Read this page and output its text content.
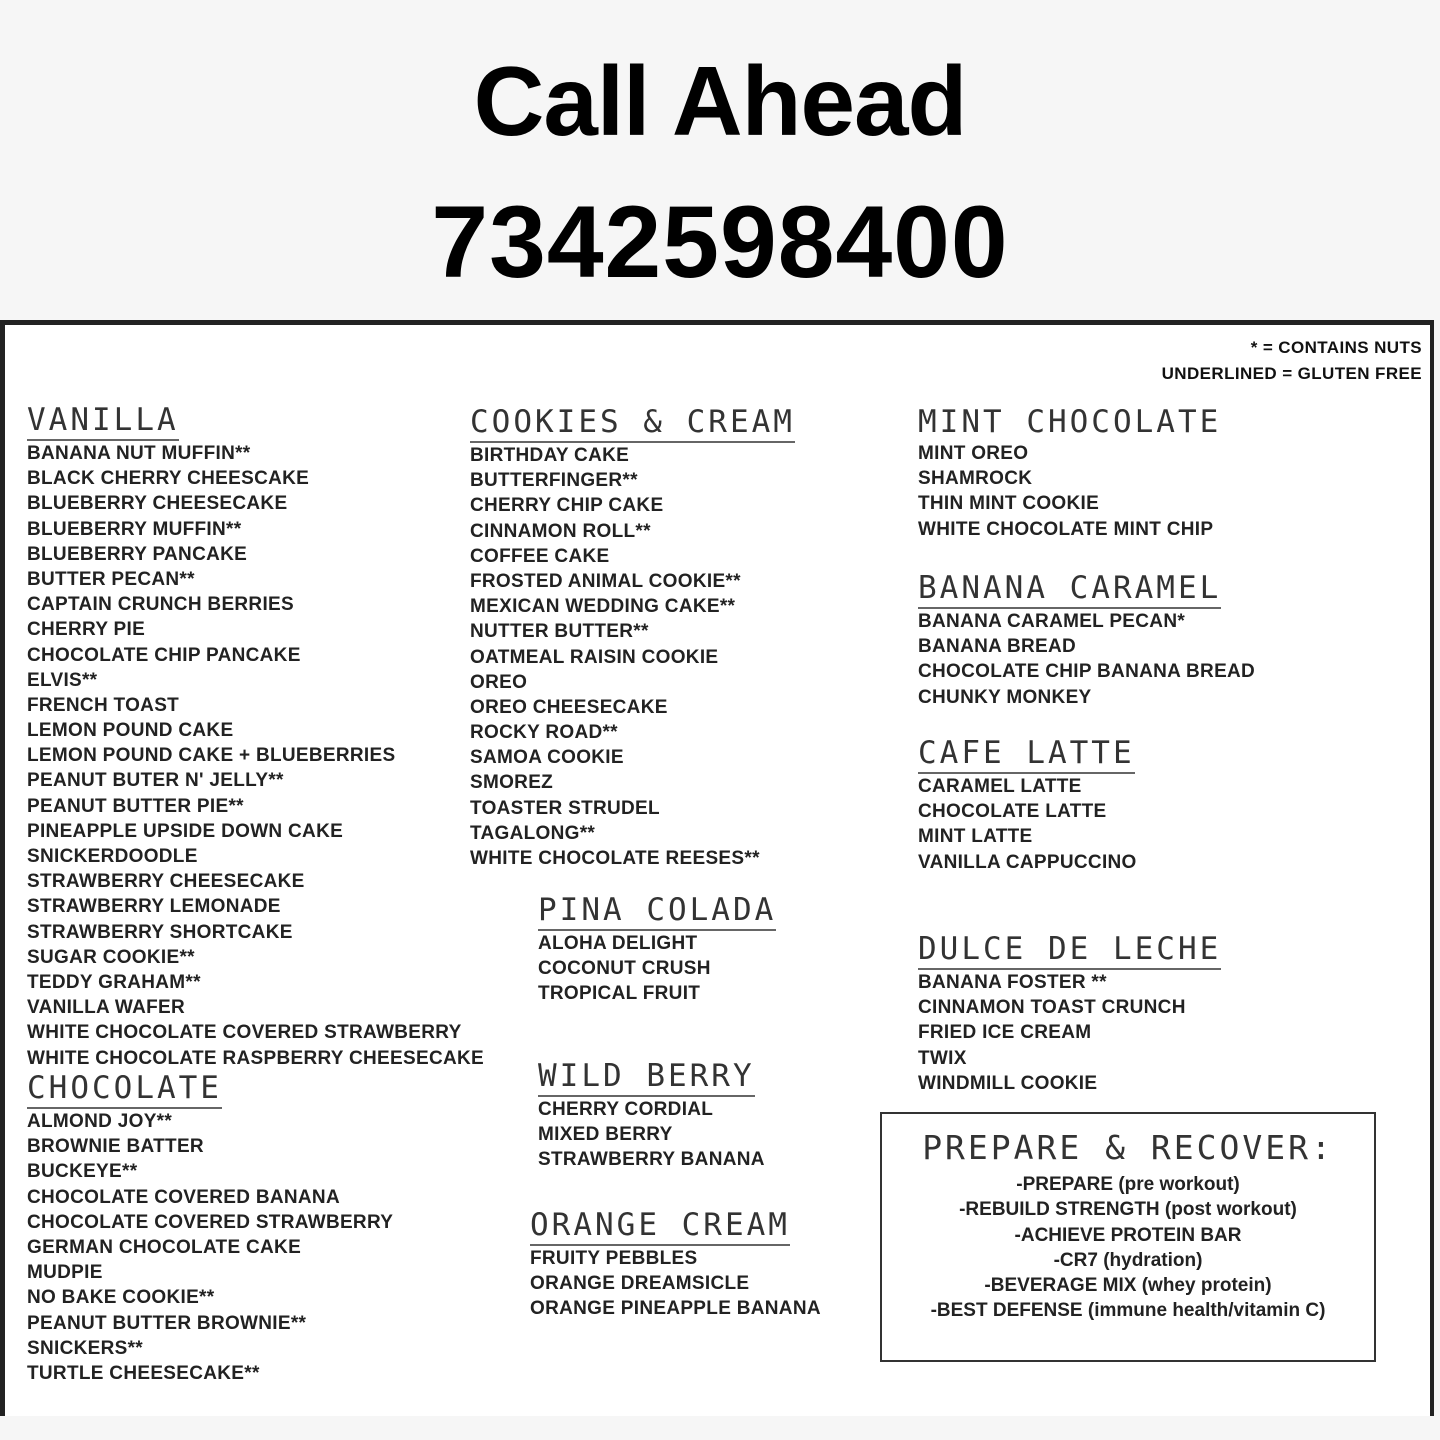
Call Ahead
7342598400
* = CONTAINS NUTS
UNDERLINED = GLUTEN FREE
VANILLA
BANANA NUT MUFFIN**
BLACK CHERRY CHEESCAKE
BLUEBERRY CHEESECAKE
BLUEBERRY MUFFIN**
BLUEBERRY PANCAKE
BUTTER PECAN**
CAPTAIN CRUNCH BERRIES
CHERRY PIE
CHOCOLATE CHIP PANCAKE
ELVIS**
FRENCH TOAST
LEMON POUND CAKE
LEMON POUND CAKE + BLUEBERRIES
PEANUT BUTER N' JELLY**
PEANUT BUTTER PIE**
PINEAPPLE UPSIDE DOWN CAKE
SNICKERDOODLE
STRAWBERRY CHEESECAKE
STRAWBERRY LEMONADE
STRAWBERRY SHORTCAKE
SUGAR COOKIE**
TEDDY GRAHAM**
VANILLA WAFER
WHITE CHOCOLATE COVERED STRAWBERRY
WHITE CHOCOLATE RASPBERRY CHEESECAKE
CHOCOLATE
ALMOND JOY**
BROWNIE BATTER
BUCKEYE**
CHOCOLATE COVERED BANANA
CHOCOLATE COVERED STRAWBERRY
GERMAN CHOCOLATE CAKE
MUDPIE
NO BAKE COOKIE**
PEANUT BUTTER BROWNIE**
SNICKERS**
TURTLE CHEESECAKE**
COOKIES & CREAM
BIRTHDAY CAKE
BUTTERFINGER**
CHERRY CHIP CAKE
CINNAMON ROLL**
COFFEE CAKE
FROSTED ANIMAL COOKIE**
MEXICAN WEDDING CAKE**
NUTTER BUTTER**
OATMEAL RAISIN COOKIE
OREO
OREO CHEESECAKE
ROCKY ROAD**
SAMOA COOKIE
SMOREZ
TOASTER STRUDEL
TAGALONG**
WHITE CHOCOLATE REESES**
PINA COLADA
ALOHA DELIGHT
COCONUT CRUSH
TROPICAL FRUIT
WILD BERRY
CHERRY CORDIAL
MIXED BERRY
STRAWBERRY BANANA
ORANGE CREAM
FRUITY PEBBLES
ORANGE DREAMSICLE
ORANGE PINEAPPLE BANANA
MINT CHOCOLATE
MINT OREO
SHAMROCK
THIN MINT COOKIE
WHITE CHOCOLATE MINT CHIP
BANANA CARAMEL
BANANA CARAMEL PECAN*
BANANA BREAD
CHOCOLATE CHIP BANANA BREAD
CHUNKY MONKEY
CAFE LATTE
CARAMEL LATTE
CHOCOLATE LATTE
MINT LATTE
VANILLA CAPPUCCINO
DULCE DE LECHE
BANANA FOSTER **
CINNAMON TOAST CRUNCH
FRIED ICE CREAM
TWIX
WINDMILL COOKIE
PREPARE & RECOVER:
-PREPARE (pre workout)
-REBUILD STRENGTH (post workout)
-ACHIEVE PROTEIN BAR
-CR7 (hydration)
-BEVERAGE MIX (whey protein)
-BEST DEFENSE (immune health/vitamin C)
